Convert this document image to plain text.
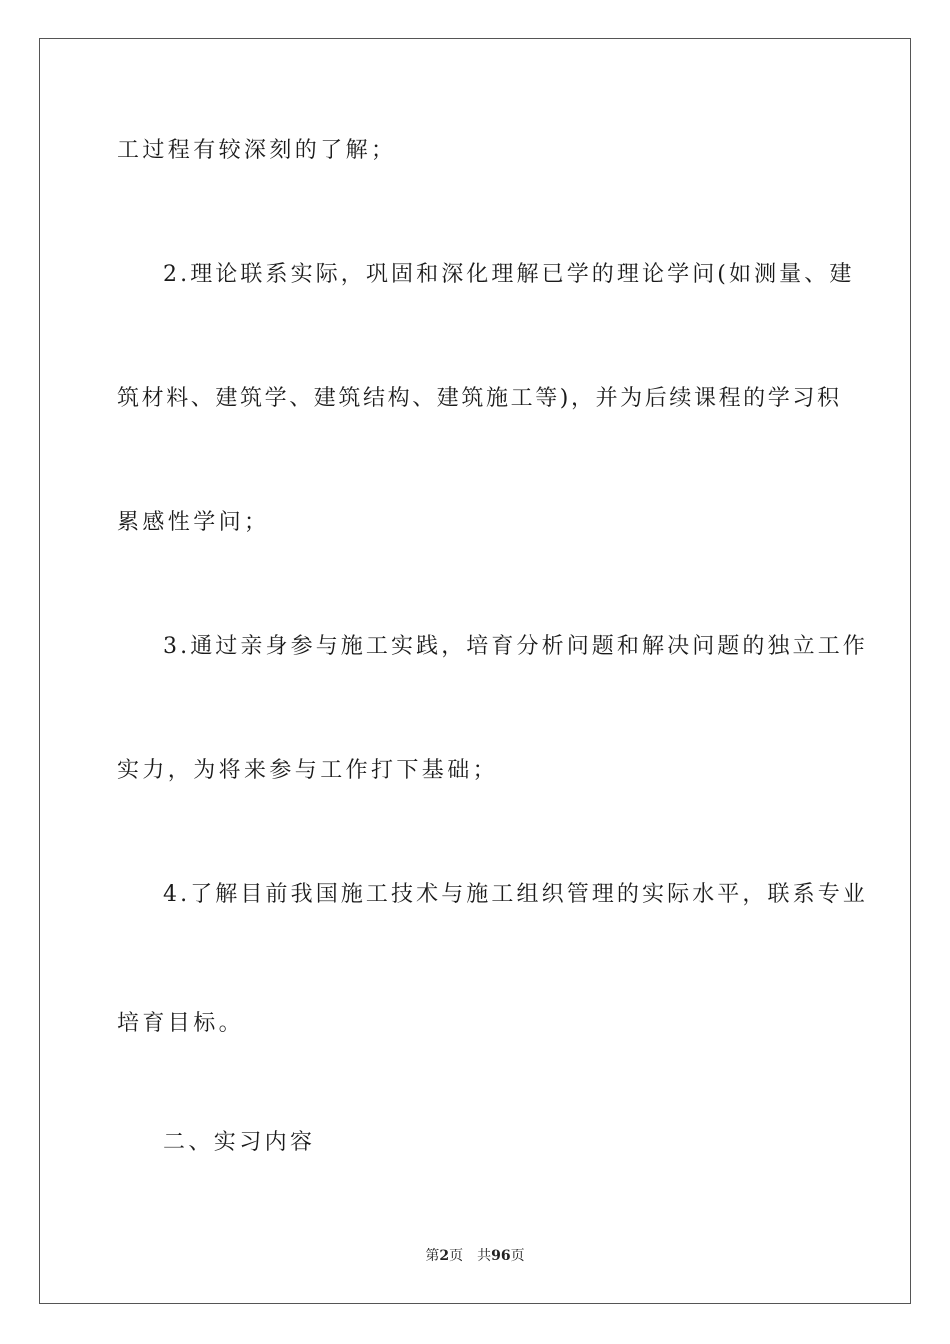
工过程有较深刻的了解；
2.理论联系实际，巩固和深化理解已学的理论学问(如测量、建
筑材料、建筑学、建筑结构、建筑施工等)，并为后续课程的学习积
累感性学问；
3.通过亲身参与施工实践，培育分析问题和解决问题的独立工作
实力，为将来参与工作打下基础；
4.了解目前我国施工技术与施工组织管理的实际水平，联系专业
培育目标。
二、实习内容
第2页 共96页
